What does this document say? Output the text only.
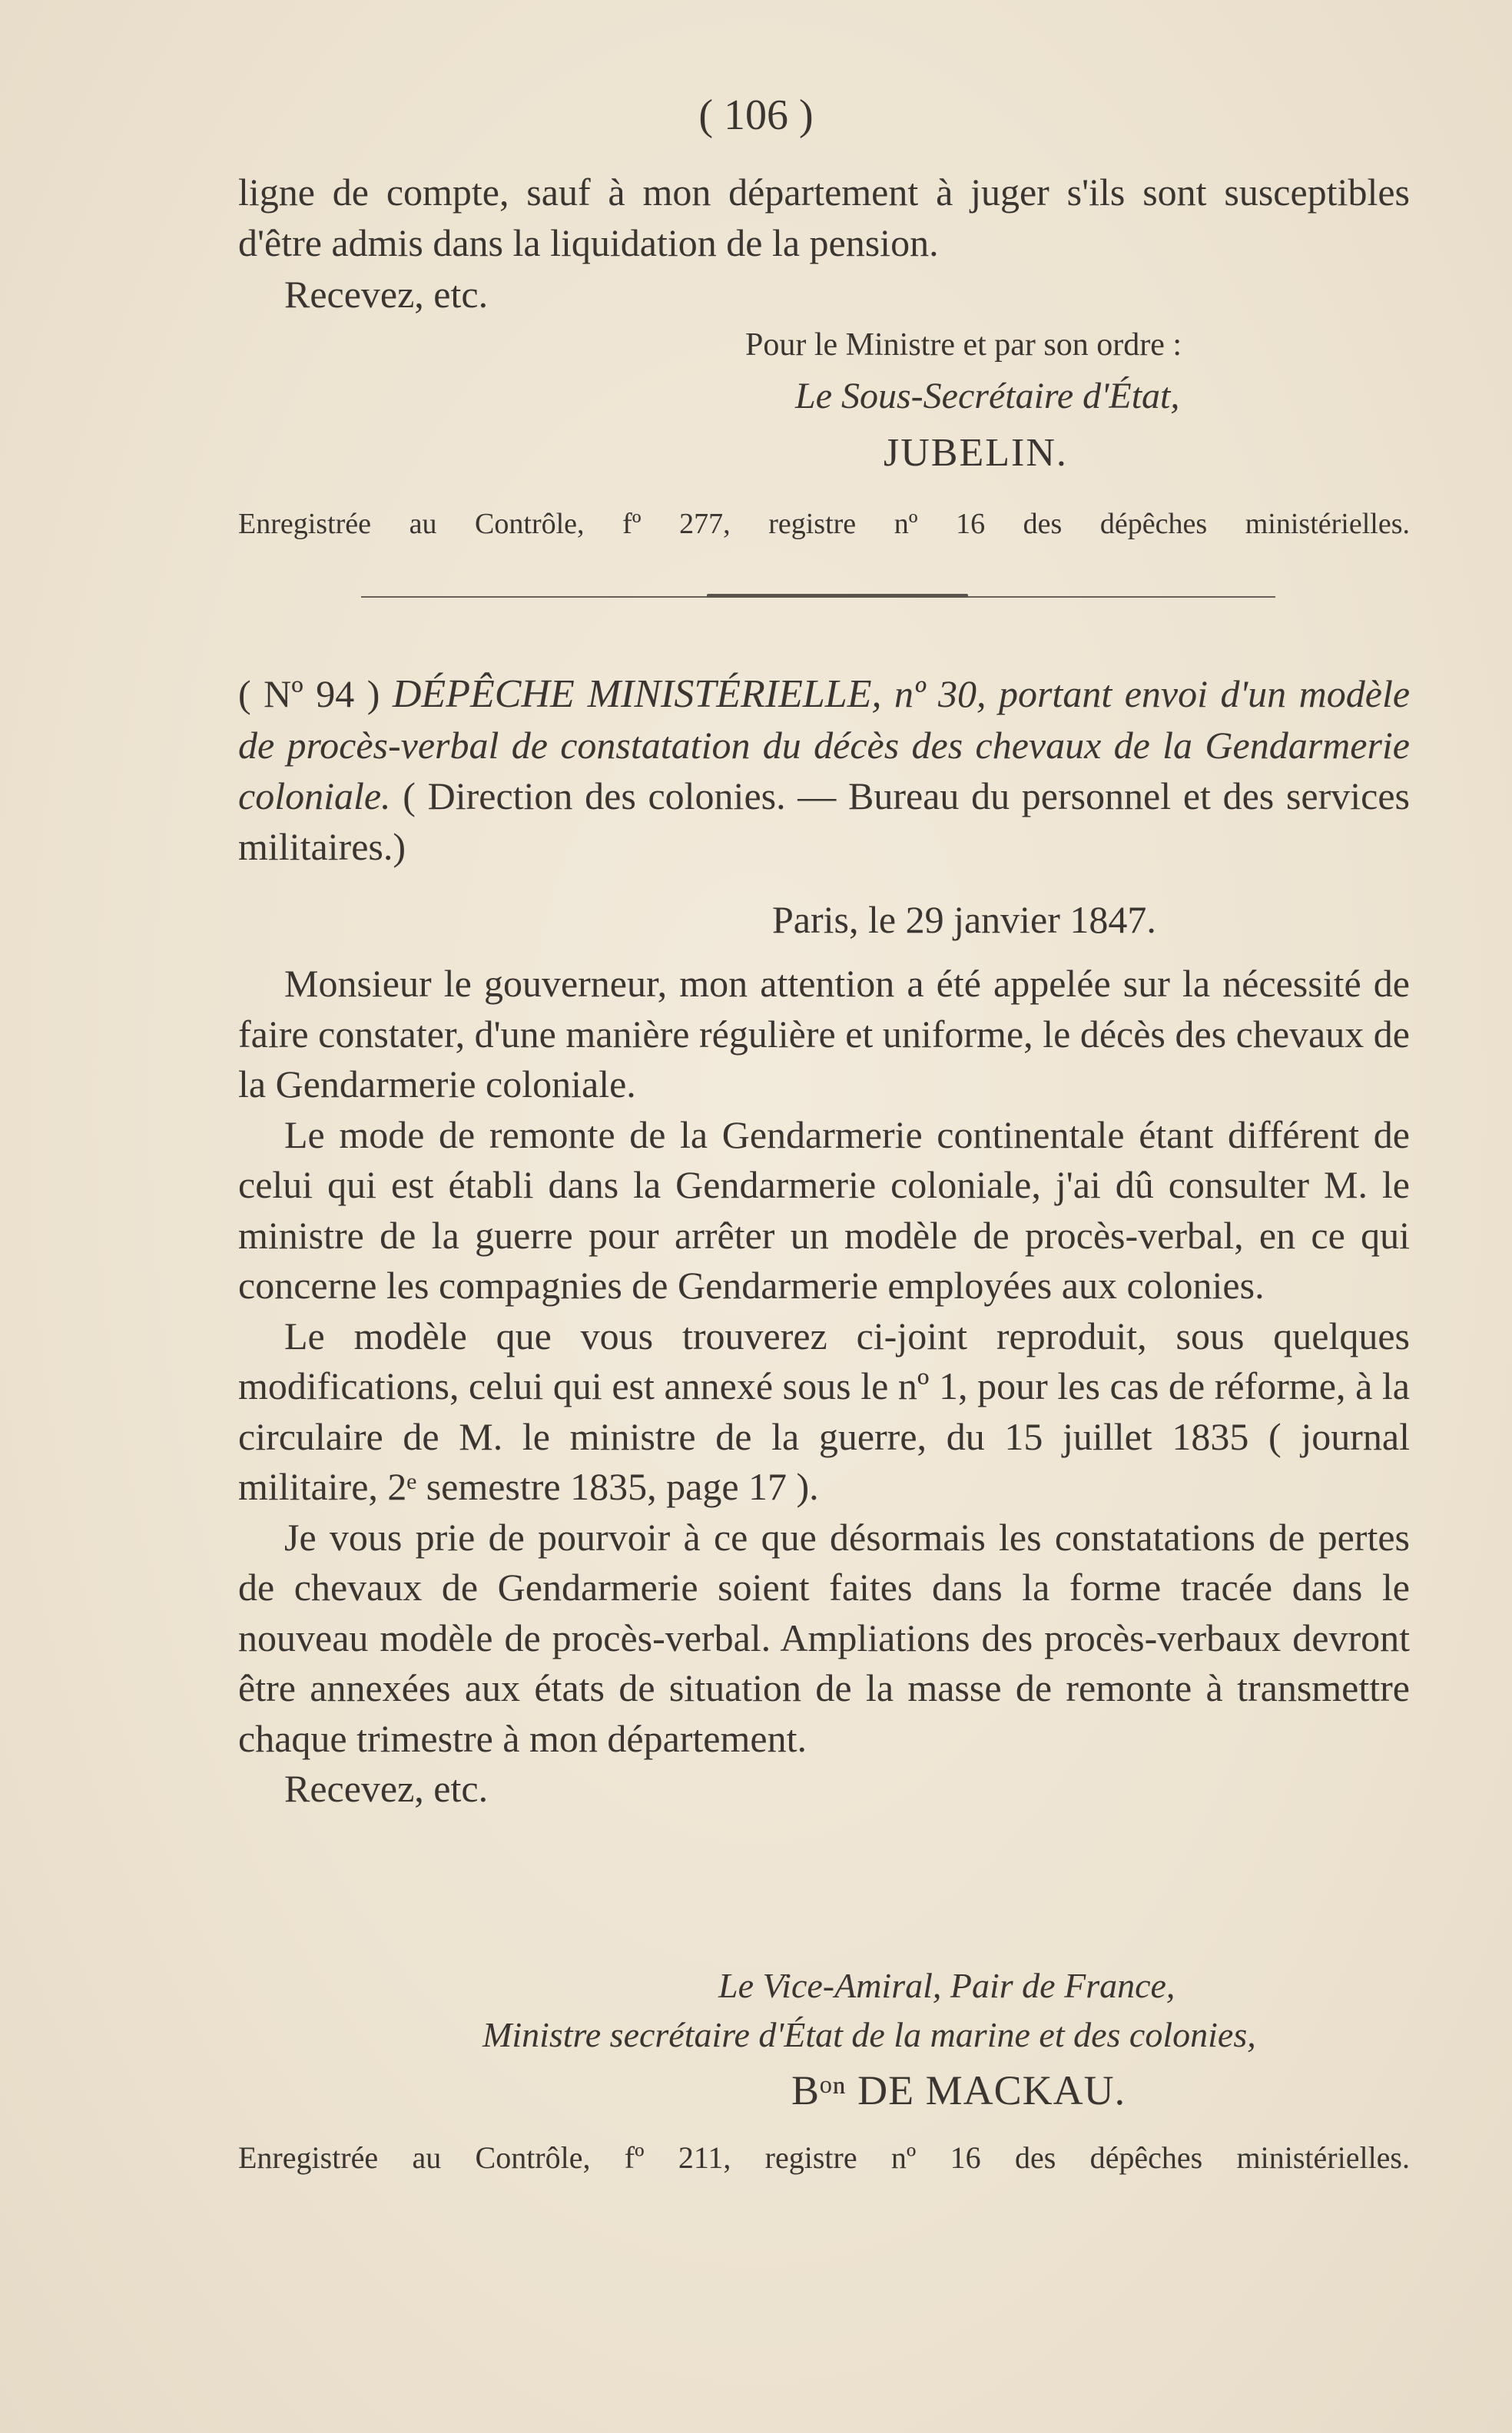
( 106 )

ligne de compte, sauf à mon département à juger s'ils sont susceptibles d'être admis dans la liquidation de la pension.

Recevez, etc.

Pour le Ministre et par son ordre :
Le Sous-Secrétaire d'État,
JUBELIN.
Enregistrée au Contrôle, fº 277, registre nº 16 des dépêches ministérielles.

( Nº 94 ) DÉPÊCHE MINISTÉRIELLE, nº 30, portant envoi d'un modèle de procès-verbal de constatation du décès des chevaux de la Gendarmerie coloniale. ( Direction des colonies. — Bureau du personnel et des services militaires.)

Paris, le 29 janvier 1847.

Monsieur le gouverneur, mon attention a été appelée sur la nécessité de faire constater, d'une manière régulière et uniforme, le décès des chevaux de la Gendarmerie coloniale.

Le mode de remonte de la Gendarmerie continentale étant différent de celui qui est établi dans la Gendarmerie coloniale, j'ai dû consulter M. le ministre de la guerre pour arrêter un modèle de procès-verbal, en ce qui concerne les compagnies de Gendarmerie employées aux colonies.

Le modèle que vous trouverez ci-joint reproduit, sous quelques modifications, celui qui est annexé sous le nº 1, pour les cas de réforme, à la circulaire de M. le ministre de la guerre, du 15 juillet 1835 ( journal militaire, 2ᵉ semestre 1835, page 17 ).

Je vous prie de pourvoir à ce que désormais les constatations de pertes de chevaux de Gendarmerie soient faites dans la forme tracée dans le nouveau modèle de procès-verbal. Ampliations des procès-verbaux devront être annexées aux états de situation de la masse de remonte à transmettre chaque trimestre à mon département.

Recevez, etc.

Le Vice-Amiral, Pair de France,
Ministre secrétaire d'État de la marine et des colonies,
Bᵒⁿ DE MACKAU.
Enregistrée au Contrôle, fº 211, registre nº 16 des dépêches ministérielles.
